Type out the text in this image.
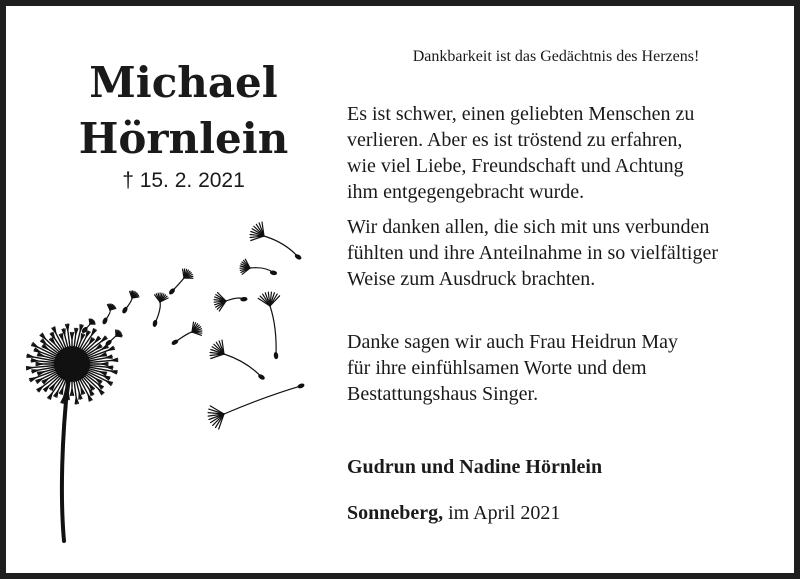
Michael
Hörnlein
† 15. 2. 2021
Dankbarkeit ist das Gedächtnis des Herzens!

Es ist schwer, einen geliebten Menschen zu
verlieren. Aber es ist tröstend zu erfahren,
wie viel Liebe, Freundschaft und Achtung
ihm entgegengebracht wurde.

Wir danken allen, die sich mit uns verbunden
fühlten und ihre Anteilnahme in so vielfältiger
Weise zum Ausdruck brachten.

Danke sagen wir auch Frau Heidrun May
für ihre einfühlsamen Worte und dem
Bestattungshaus Singer.

Gudrun und Nadine Hörnlein

Sonneberg, im April 2021
